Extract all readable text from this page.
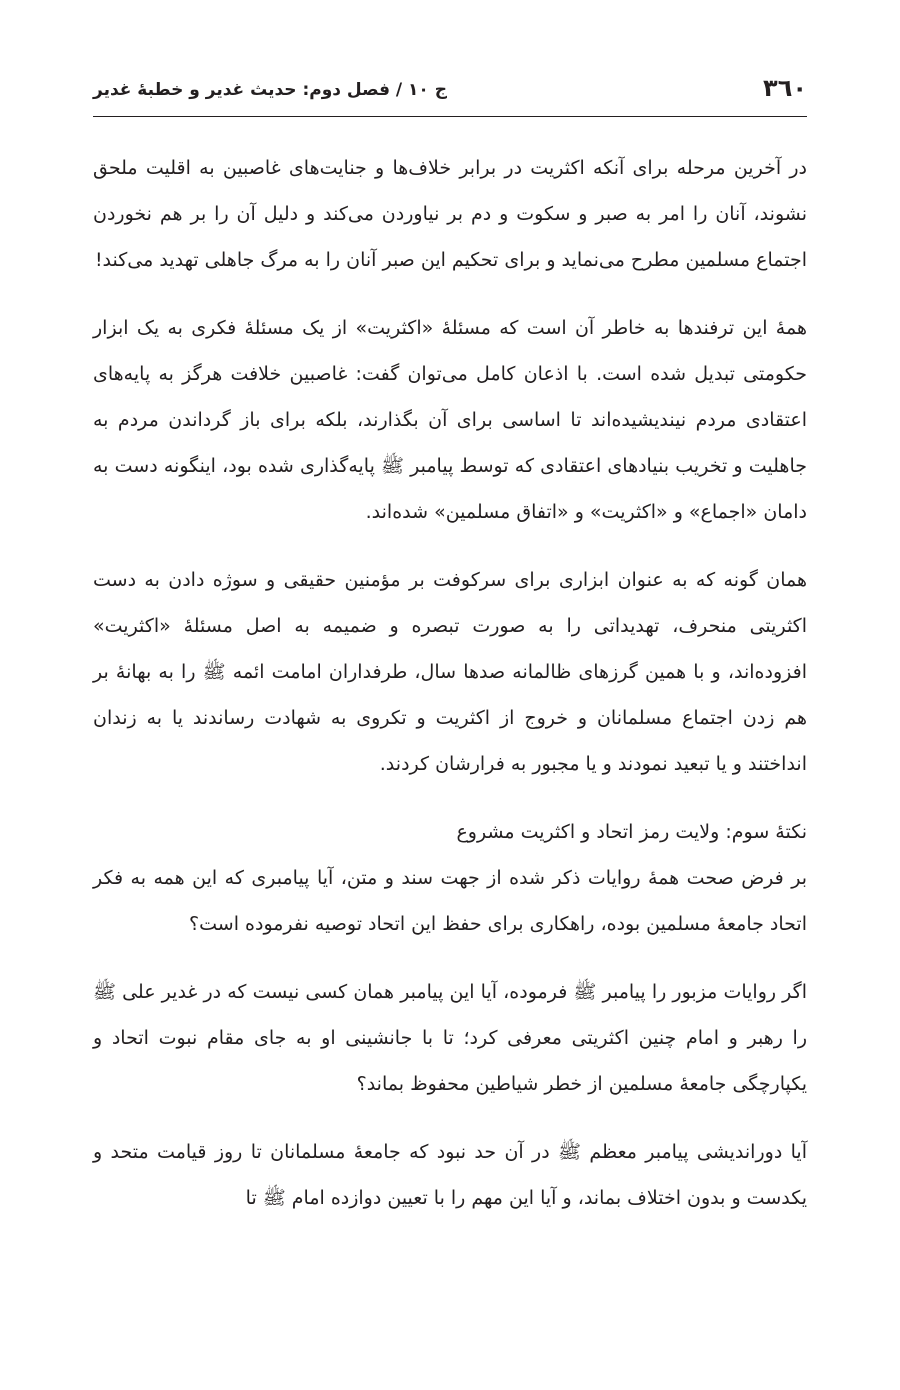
۳٦۰
ج ۱۰ / فصل دوم: حدیث غدیر و خطبهٔ غدیر

در آخرین مرحله برای آنکه اکثریت در برابر خلاف‌ها و جنایت‌های غاصبین به اقلیت ملحق نشوند، آنان را امر به صبر و سکوت و دم بر نیاوردن می‌کند و دلیل آن را بر هم نخوردن اجتماع مسلمین مطرح می‌نماید و برای تحکیم این صبر آنان را به مرگ جاهلی تهدید می‌کند!

همهٔ این ترفندها به خاطر آن است که مسئلهٔ «اکثریت» از یک مسئلهٔ فکری به یک ابزار حکومتی تبدیل شده است. با اذعان کامل می‌توان گفت: غاصبین خلافت هرگز به پایه‌های اعتقادی مردم نیندیشیده‌اند تا اساسی برای آن بگذارند، بلکه برای باز گرداندن مردم به جاهلیت و تخریب بنیادهای اعتقادی که توسط پیامبر ﷺ پایه‌گذاری شده بود، اینگونه دست به دامان «اجماع» و «اکثریت» و «اتفاق مسلمین» شده‌اند.

همان گونه که به عنوان ابزاری برای سرکوفت بر مؤمنین حقیقی و سوژه دادن به دست اکثریتی منحرف، تهدیداتی را به صورت تبصره و ضمیمه به اصل مسئلهٔ «اکثریت» افزوده‌اند، و با همین گرزهای ظالمانه صدها سال، طرفداران امامت ائمه ﷺ را به بهانهٔ بر هم زدن اجتماع مسلمانان و خروج از اکثریت و تکروی به شهادت رساندند یا به زندان انداختند و یا تبعید نمودند و یا مجبور به فرارشان کردند.

نکتهٔ سوم: ولایت رمز اتحاد و اکثریت مشروع

بر فرض صحت همهٔ روایات ذکر شده از جهت سند و متن، آیا پیامبری که این همه به فکر اتحاد جامعهٔ مسلمین بوده، راهکاری برای حفظ این اتحاد توصیه نفرموده است؟

اگر روایات مزبور را پیامبر ﷺ فرموده، آیا این پیامبر همان کسی نیست که در غدیر علی ﷺ را رهبر و امام چنین اکثریتی معرفی کرد؛ تا با جانشینی او به جای مقام نبوت اتحاد و یکپارچگی جامعهٔ مسلمین از خطر شیاطین محفوظ بماند؟

آیا دوراندیشی پیامبر معظم ﷺ در آن حد نبود که جامعهٔ مسلمانان تا روز قیامت متحد و یکدست و بدون اختلاف بماند، و آیا این مهم را با تعیین دوازده امام ﷺ تا
